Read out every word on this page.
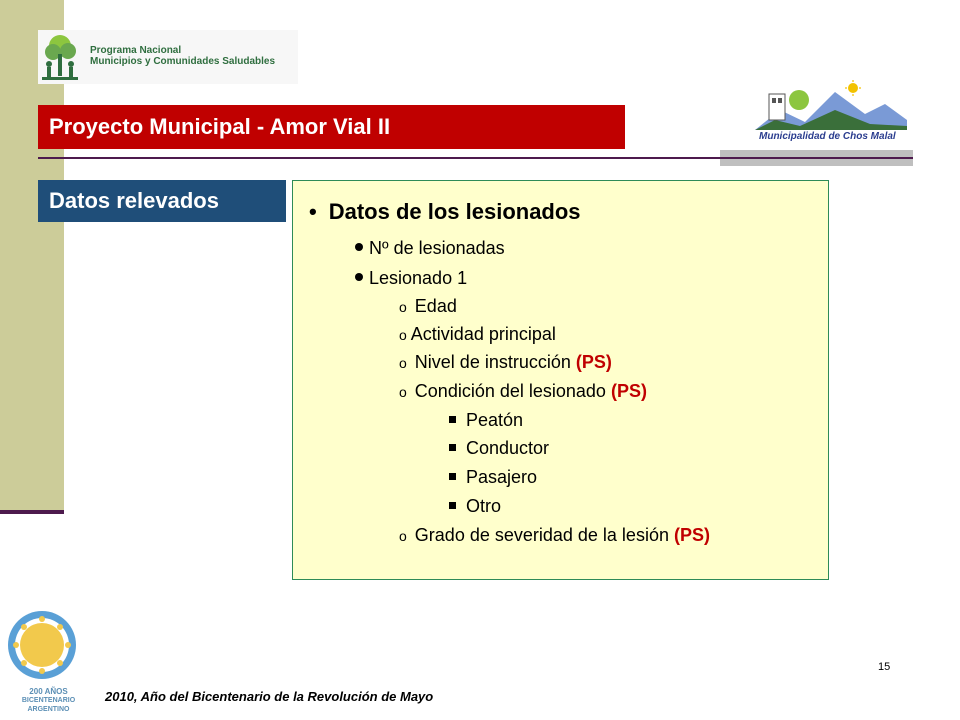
Programa Nacional
Municipios y Comunidades Saludables
Municipalidad de Chos Malal
Proyecto Municipal - Amor Vial II
Datos relevados	• Datos de los lesionados
Nº de lesionadas
Lesionado 1
o Edad
o Actividad principal
o Nivel de instrucción (PS)
o Condición del lesionado (PS)
Peatón
Conductor
Pasajero
Otro
o Grado de severidad de la lesión (PS)
200 AÑOS
BICENTENARIO
ARGENTINO
15
2010, Año del Bicentenario de la Revolución de Mayo
